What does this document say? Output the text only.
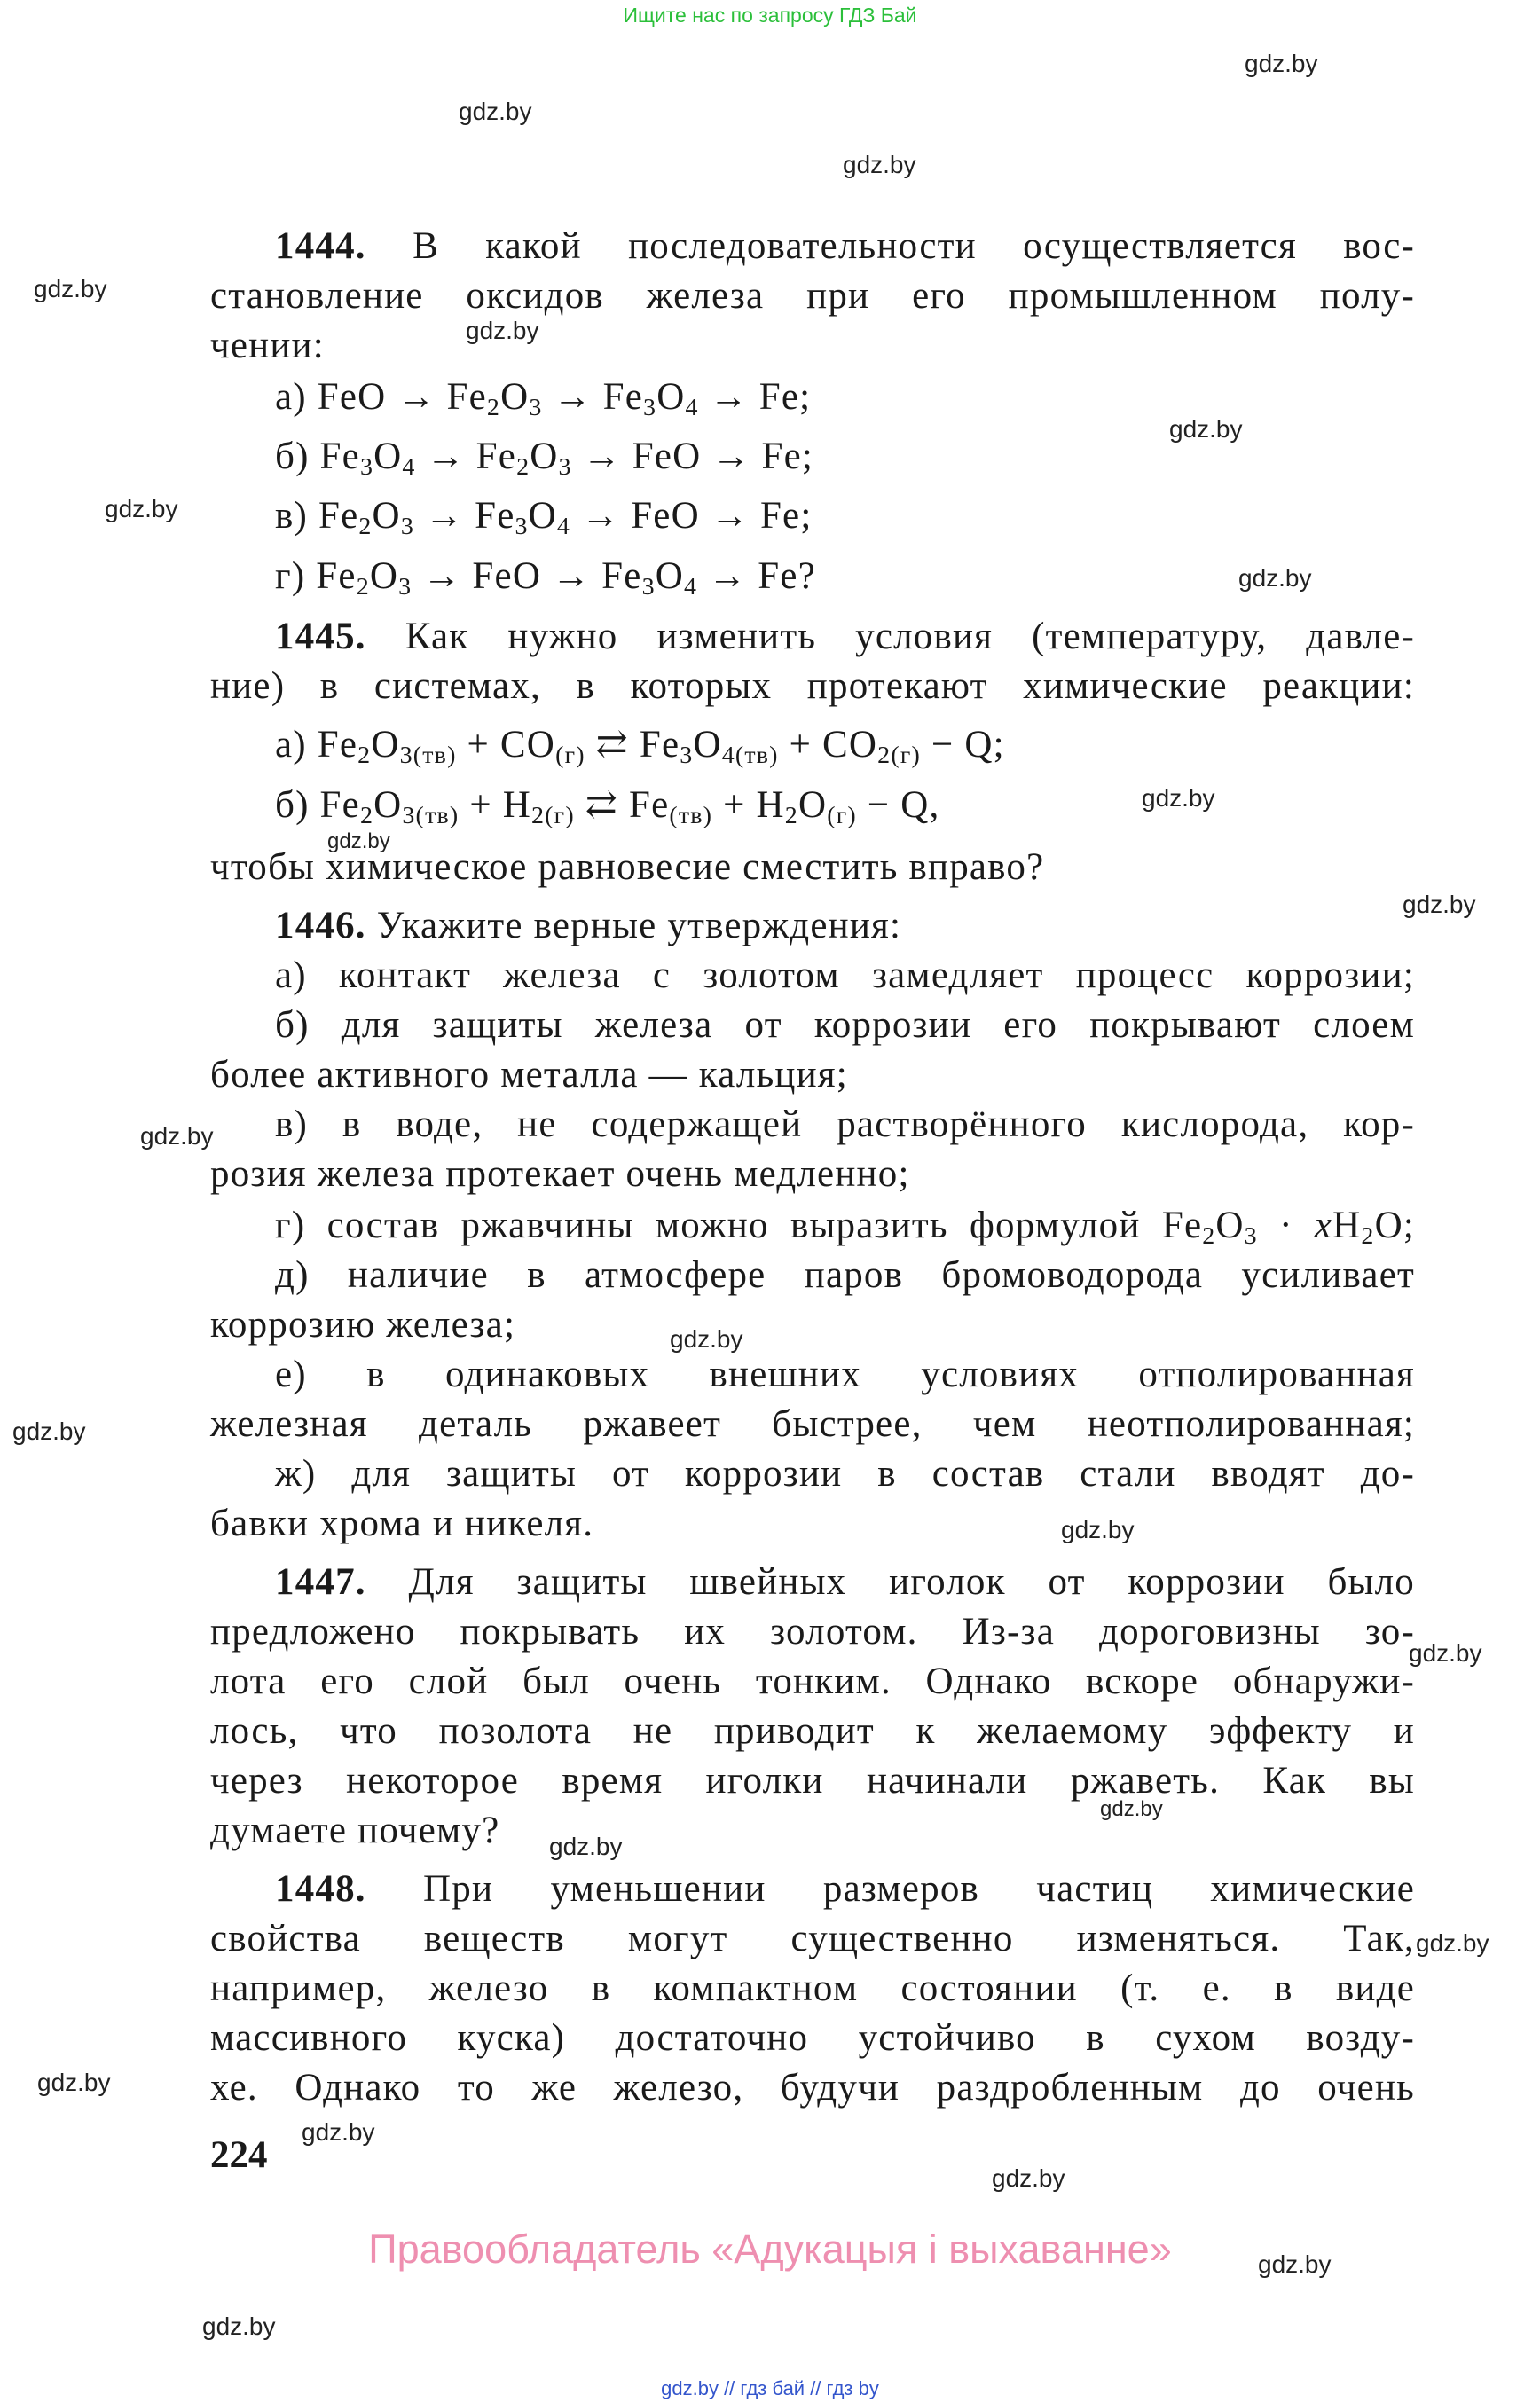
Ищите нас по запросу ГДЗ Бай
gdz.by
gdz.by
gdz.by
gdz.by
gdz.by
gdz.by
gdz.by
gdz.by
gdz.by
gdz.by
gdz.by
gdz.by
gdz.by
gdz.by
gdz.by
gdz.by
gdz.by
gdz.by
gdz.by
gdz.by
gdz.by
gdz.by
gdz.by
gdz.by
1444. В какой последовательности осуществляется вос-
становление оксидов железа при его промышленном полу-
чении:
а) FeO → $Fe_2O_3 \to Fe_3O_4 \to Fe$;
б) $Fe_3O_4 \to Fe_2O_3$ → FeO → Fe;
в) $Fe_2O_3 \to Fe_3O_4$ → FeO → Fe;
г) $Fe_2O_3$ → FeO → $Fe_3O_4 \to Fe$?
1445. Как нужно изменить условия (температуру, давле-
ние) в системах, в которых протекают химические реакции:
а) $Fe_2O_{3(тв)} + CO_{(г)}$ ⇄ $Fe_3O_{4(тв)} + CO_{2(г)} - Q$;
б) $Fe_2O_{3(тв)} + H_{2(г)}$ ⇄ $Fe_{(тв)} + H_2O_{(г)} - Q$,
чтобы химическое равновесие сместить вправо?
1446. Укажите верные утверждения:
а) контакт железа с золотом замедляет процесс коррозии;
б) для защиты железа от коррозии его покрывают слоем
более активного металла — кальция;
в) в воде, не содержащей растворённого кислорода, кор-
розия железа протекает очень медленно;
г) состав ржавчины можно выразить формулой $Fe_2O_3 \cdot xH_2O$;
д) наличие в атмосфере паров бромоводорода усиливает
коррозию железа;
е) в одинаковых внешних условиях отполированная
железная деталь ржавеет быстрее, чем неотполированная;
ж) для защиты от коррозии в состав стали вводят до-
бавки хрома и никеля.
1447. Для защиты швейных иголок от коррозии было
предложено покрывать их золотом. Из-за дороговизны зо-
лота его слой был очень тонким. Однако вскоре обнаружи-
лось, что позолота не приводит к желаемому эффекту и
через некоторое время иголки начинали ржаветь. Как вы
думаете почему?
1448. При уменьшении размеров частиц химические
свойства веществ могут существенно изменяться. Так,
например, железо в компактном состоянии (т. е. в виде
массивного куска) достаточно устойчиво в сухом возду-
хе. Однако то же железо, будучи раздробленным до очень
224
Правообладатель «Адукацыя і выхаванне»
gdz.by // гдз бай // гдз by
